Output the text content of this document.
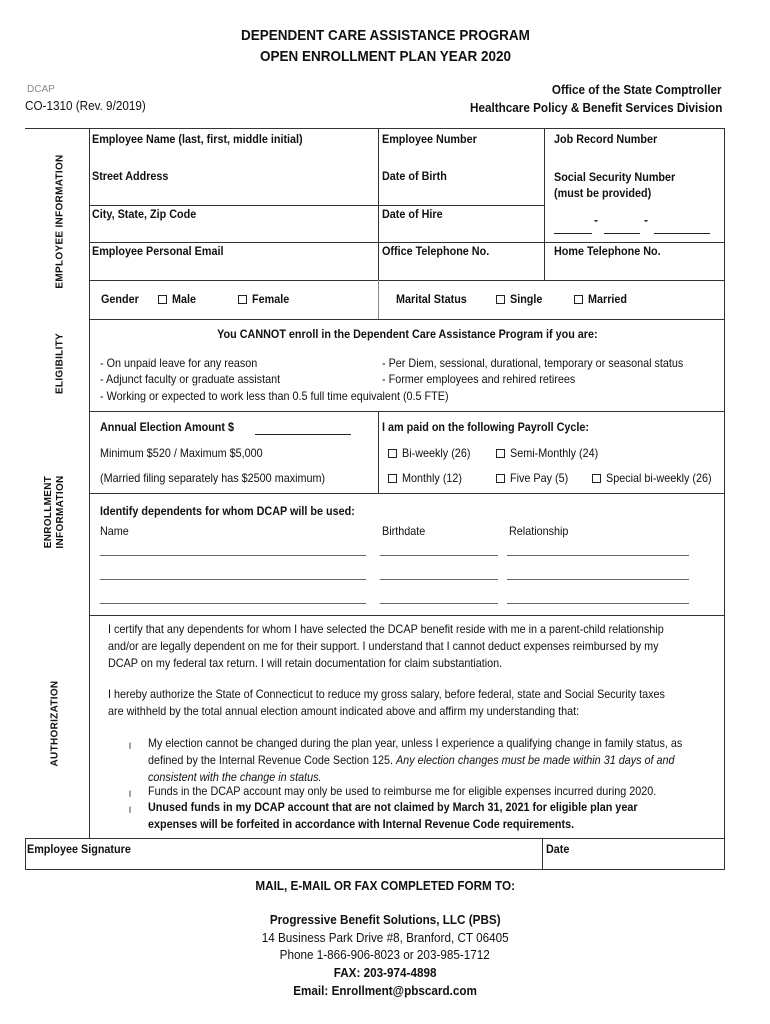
DEPENDENT CARE ASSISTANCE PROGRAM
OPEN ENROLLMENT PLAN YEAR 2020
DCAP
CO-1310 (Rev. 9/2019)
Office of the State Comptroller
Healthcare Policy & Benefit Services Division
EMPLOYEE INFORMATION
ELIGIBILITY
ENROLLMENT
INFORMATION
AUTHORIZATION
Employee Name (last, first, middle initial)	Employee Number	Job Record Number
Street Address	Date of Birth	Social Security Number
(must be provided)
City, State, Zip Code	Date of Hire	-	-
Employee Personal Email	Office Telephone No.	Home Telephone No.
Gender	Male	Female	Marital Status	Single	Married
You CANNOT enroll in the Dependent Care Assistance Program if you are:
- On unpaid leave for any reason
- Adjunct faculty or graduate assistant
- Working or expected to work less than 0.5 full time equivalent (0.5 FTE)
- Per Diem, sessional, durational, temporary or seasonal status
- Former employees and rehired retirees
Annual Election Amount $
Minimum $520 / Maximum $5,000
(Married filing separately has $2500 maximum)
I am paid on the following Payroll Cycle:
Bi-weekly (26)	Semi-Monthly (24)
Monthly (12)	Five Pay (5)	Special bi-weekly (26)
Identify dependents for whom DCAP will be used:
Name	Birthdate	Relationship
I certify that any dependents for whom I have selected the DCAP benefit reside with me in a parent-child relationship
and/or are legally dependent on me for their support. I understand that I cannot deduct expenses reimbursed by my
DCAP on my federal tax return. I will retain documentation for claim substantiation.
I hereby authorize the State of Connecticut to reduce my gross salary, before federal, state and Social Security taxes
are withheld by the total annual election amount indicated above and affirm my understanding that:
l My election cannot be changed during the plan year, unless I experience a qualifying change in family status, as
defined by the Internal Revenue Code Section 125. Any election changes must be made within 31 days of and
consistent with the change in status.
l Funds in the DCAP account may only be used to reimburse me for eligible expenses incurred during 2020.
l Unused funds in my DCAP account that are not claimed by March 31, 2021 for eligible plan year
expenses will be forfeited in accordance with Internal Revenue Code requirements.
Employee Signature	Date
MAIL, E-MAIL OR FAX COMPLETED FORM TO:
Progressive Benefit Solutions, LLC (PBS)
14 Business Park Drive #8, Branford, CT 06405
Phone 1-866-906-8023 or 203-985-1712
FAX: 203-974-4898
Email: Enrollment@pbscard.com
